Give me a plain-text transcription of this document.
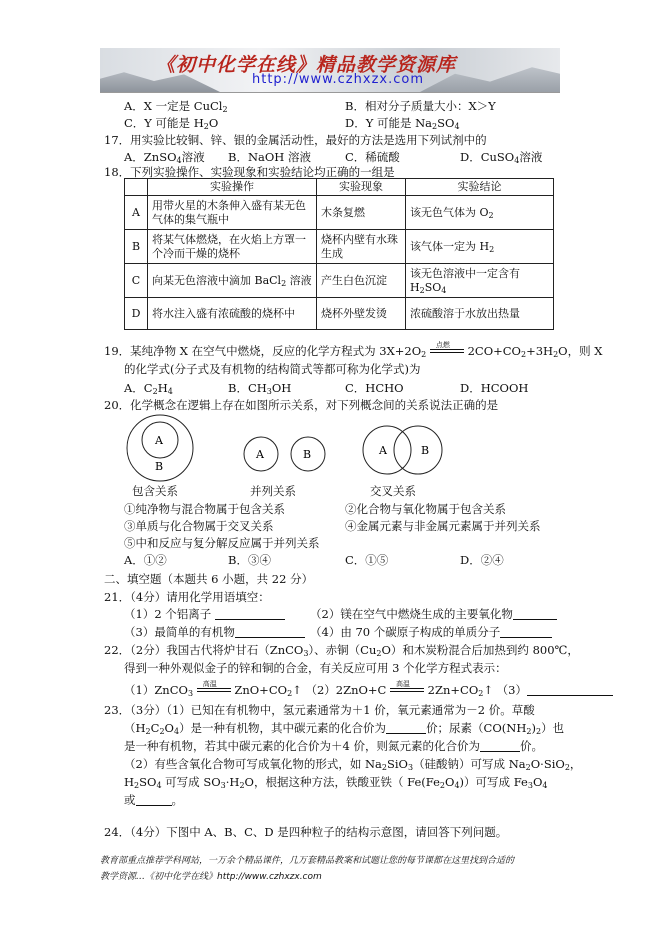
《初中化学在线》精品教学资源库
http://www.czhxzx.com
A．X 一定是 CuCl$_2$	B．相对分子质量大小：X＞Y
C．Y 可能是 $H_2O$	D．Y 可能是 $Na_2SO_4$
17．用实验比较铜、锌、银的金属活动性，最好的方法是选用下列试剂中的
A．ZnSO$_4$溶液 B．NaOH 溶液	C．稀硫酸	D．CuSO$_4$溶液
18．下列实验操作、实验现象和实验结论均正确的一组是
	实验操作	实验现象	实验结论
A	用带火星的木条伸入盛有某无色气体的集气瓶中	木条复燃	该无色气体为 $O_2$
B	将某气体燃烧，在火焰上方罩一个冷而干燥的烧杯	烧杯内壁有水珠生成	该气体一定为 $H_2$
C	向某无色溶液中滴加 BaCl$_2$ 溶液	产生白色沉淀	该无色溶液中一定含有 $H_2SO_4$
D	将水注入盛有浓硫酸的烧杯中	烧杯外壁发烫	浓硫酸溶于水放出热量
19．某纯净物 X 在空气中燃烧，反应的化学方程式为 $3X+2O_2$
点燃 $2CO+CO_2+3H_2O$，则 X
的化学式(分子式及有机物的结构简式等都可称为化学式)为
A．$C_2H_4$	B．$CH_3OH$	C．HCHO	D．HCOOH
20．化学概念在逻辑上存在如图所示关系，对下列概念间的关系说法正确的是
A
B
A	B	A	B
包含关系	并列关系	交叉关系
①纯净物与混合物属于包含关系	②化合物与氧化物属于包含关系
③单质与化合物属于交叉关系	④金属元素与非金属元素属于并列关系
⑤中和反应与复分解反应属于并列关系
A．①②	B．③④	C．①⑤	D．②④
二、填空题（本题共 6 小题，共 22 分）
21．（4分）请用化学用语填空：
（1）2 个铝离子	（2）镁在空气中燃烧生成的主要氧化物
（3）最简单的有机物	（4）由 70 个碳原子构成的单质分子
22．（2分）我国古代将炉甘石（ZnCO$_3$）、赤铜$(Cu_2O)$和木炭粉混合后加热到约 800℃，
得到一种外观似金子的锌和铜的合金，有关反应可用 3 个化学方程式表示：
（1）ZnCO$_3$
高温 $ZnO+CO_2↑$ （2）2ZnO+C 高温 $2Zn+CO_2↑$ （3）
23．（3分）（1）已知在有机物中，氢元素通常为＋1 价，氧元素通常为－2 价。草酸
$(H_2C_2O_4)$是一种有机物，其中碳元素的化合价为	价；尿素$(CO(NH_2)_2)$也
是一种有机物，若其中碳元素的化合价为＋4 价，则氮元素的化合价为	价。
（2）有些含氧化合物可写成氧化物的形式，如 $Na_2SiO_3$（硅酸钠）可写成 $Na_2O\cdot SiO_2$，
$H_2SO_4$ 可写成 $SO_3\cdot H_2O$，根据这种方法，铁酸亚铁（ $Fe(Fe_2O_4)$）可写成 $Fe_3O_4$
或	。
24．（4分）下图中 A、B、C、D 是四种粒子的结构示意图，请回答下列问题。
教育部重点推荐学科网站，一万余个精品课件，几万套精品教案和试题让您的每节课都在这里找到合适的
教学资源…《初中化学在线》http://www.czhxzx.com
